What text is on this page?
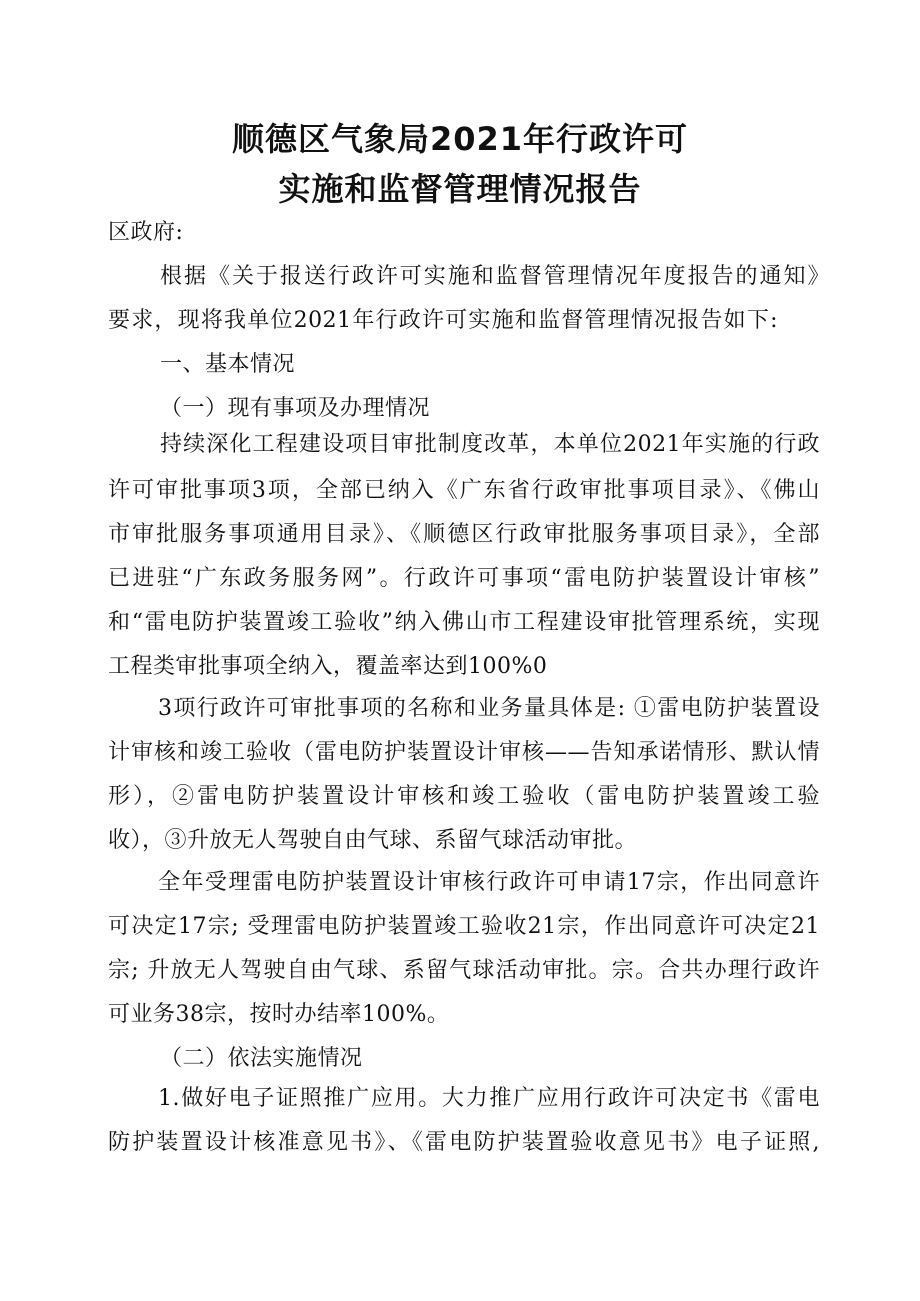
顺德区气象局2021年行政许可
实施和监督管理情况报告
区政府:
根据《关于报送行政许可实施和监督管理情况年度报告的通知》
要求，现将我单位2021年行政许可实施和监督管理情况报告如下:
一、基本情况
（一）现有事项及办理情况
持续深化工程建设项目审批制度改革，本单位2021年实施的行政
许可审批事项3项，全部已纳入《广东省行政审批事项目录》、《佛山
市审批服务事项通用目录》、《顺德区行政审批服务事项目录》，全部
已进驻“广东政务服务网”。行政许可事项“雷电防护装置设计审核”
和“雷电防护装置竣工验收”纳入佛山市工程建设审批管理系统，实现
工程类审批事项全纳入，覆盖率达到100%0
3项行政许可审批事项的名称和业务量具体是: ①雷电防护装置设
计审核和竣工验收（雷电防护装置设计审核——告知承诺情形、默认情
形），②雷电防护装置设计审核和竣工验收（雷电防护装置竣工验
收），③升放无人驾驶自由气球、系留气球活动审批。
全年受理雷电防护装置设计审核行政许可申请17宗，作出同意许
可决定17宗; 受理雷电防护装置竣工验收21宗，作出同意许可决定21
宗; 升放无人驾驶自由气球、系留气球活动审批。宗。合共办理行政许
可业务38宗，按时办结率100%。
（二）依法实施情况
1.做好电子证照推广应用。大力推广应用行政许可决定书《雷电
防护装置设计核准意见书》、《雷电防护装置验收意见书》电子证照,
